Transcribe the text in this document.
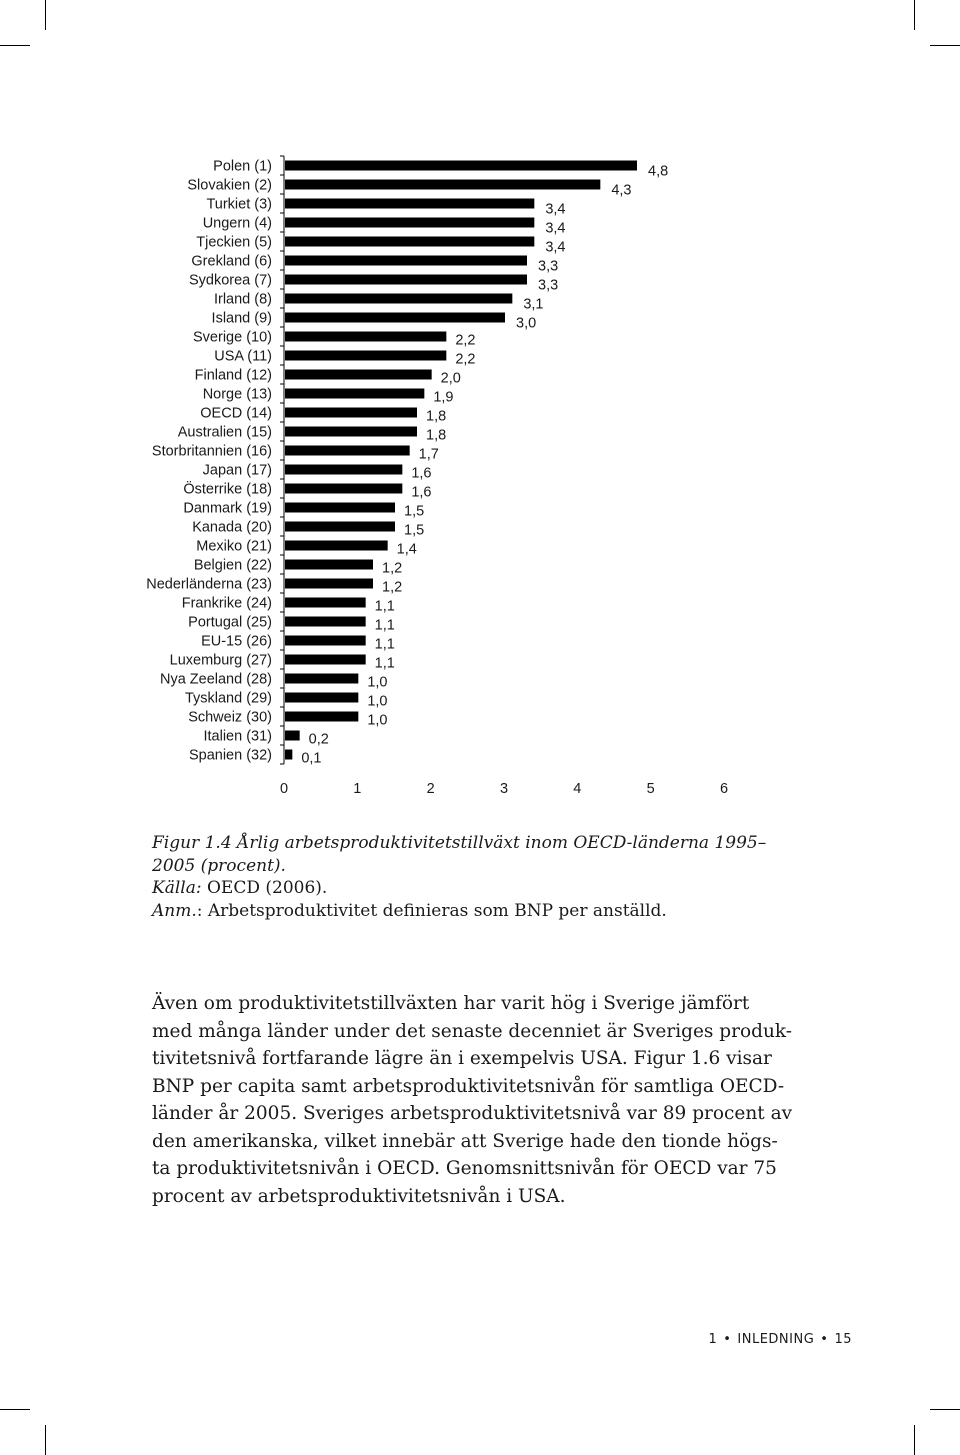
Polen (1)
Slovakien (2)
Turkiet (3)
Ungern (4)
Tjeckien (5)
Grekland (6)
Sydkorea (7)
Irland (8)
Island (9)
Sverige (10)
USA (11)
Finland (12)
Norge (13)
OECD (14)
Australien (15)
Storbritannien (16)
Japan (17)
Österrike (18)
Danmark (19)
Kanada (20)
Mexiko (21)
Belgien (22)
Nederländerna (23)
Frankrike (24)
Portugal (25)
EU-15 (26)
Luxemburg (27)
Nya Zeeland (28)
Tyskland (29)
Schweiz (30)
Italien (31)
Spanien (32)
4,8
4,3
3,4
3,4
3,4
3,3
3,3
3,1
3,0
2,2
2,2
2,0
1,9
1,8
1,8
1,7
1,6
1,6
1,5
1,5
1,4
1,2
1,2
1,1
1,1
1,1
1,1
1,0
1,0
1,0
0,2
0,1
0	1	2	3	4	5	6
Figur 1.4 Årlig arbetsproduktivitetstillväxt inom OECD-länderna 1995–
2005 (procent).
Källa: OECD (2006).
Anm.: Arbetsproduktivitet definieras som BNP per anställd.
Även om produktivitetstillväxten har varit hög i Sverige jämfört
med många länder under det senaste decenniet är Sveriges produk-
tivitetsnivå fortfarande lägre än i exempelvis USA. Figur 1.6 visar
BNP per capita samt arbetsproduktivitetsnivån för samtliga OECD-
länder år 2005. Sveriges arbetsproduktivitetsnivå var 89 procent av
den amerikanska, vilket innebär att Sverige hade den tionde högs-
ta produktivitetsnivån i OECD. Genomsnittsnivån för OECD var 75
procent av arbetsproduktivitetsnivån i USA.
1 • INLEDNING • 15
